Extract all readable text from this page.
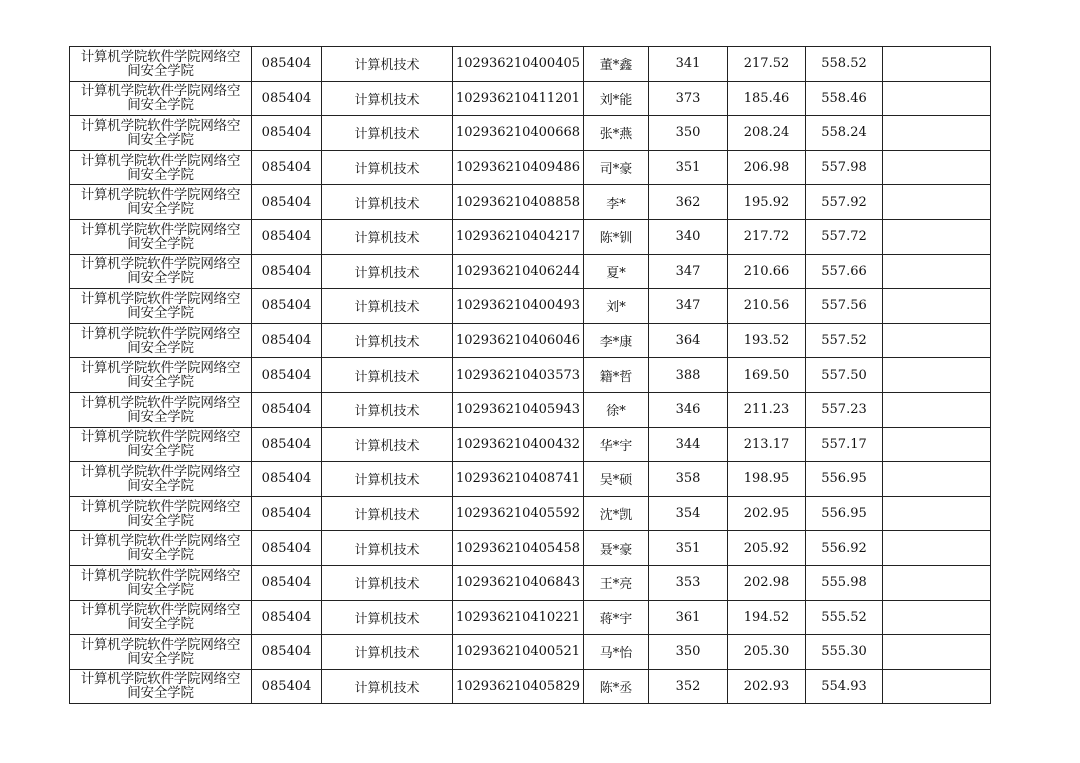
计算机学院软件学院网络空
间安全学院	085404	计算机技术	102936210400405	董*鑫	341	217.52	558.52	

计算机学院软件学院网络空
间安全学院	085404	计算机技术	102936210411201	刘*能	373	185.46	558.46	

计算机学院软件学院网络空
间安全学院	085404	计算机技术	102936210400668	张*燕	350	208.24	558.24	

计算机学院软件学院网络空
间安全学院	085404	计算机技术	102936210409486	司*豪	351	206.98	557.98	

计算机学院软件学院网络空
间安全学院	085404	计算机技术	102936210408858	李*	362	195.92	557.92	

计算机学院软件学院网络空
间安全学院	085404	计算机技术	102936210404217	陈*钏	340	217.72	557.72	

计算机学院软件学院网络空
间安全学院	085404	计算机技术	102936210406244	夏*	347	210.66	557.66	

计算机学院软件学院网络空
间安全学院	085404	计算机技术	102936210400493	刘*	347	210.56	557.56	

计算机学院软件学院网络空
间安全学院	085404	计算机技术	102936210406046	李*康	364	193.52	557.52	

计算机学院软件学院网络空
间安全学院	085404	计算机技术	102936210403573	籍*哲	388	169.50	557.50	

计算机学院软件学院网络空
间安全学院	085404	计算机技术	102936210405943	徐*	346	211.23	557.23	

计算机学院软件学院网络空
间安全学院	085404	计算机技术	102936210400432	华*宇	344	213.17	557.17	

计算机学院软件学院网络空
间安全学院	085404	计算机技术	102936210408741	吴*硕	358	198.95	556.95	

计算机学院软件学院网络空
间安全学院	085404	计算机技术	102936210405592	沈*凯	354	202.95	556.95	

计算机学院软件学院网络空
间安全学院	085404	计算机技术	102936210405458	聂*豪	351	205.92	556.92	

计算机学院软件学院网络空
间安全学院	085404	计算机技术	102936210406843	王*亮	353	202.98	555.98	

计算机学院软件学院网络空
间安全学院	085404	计算机技术	102936210410221	蒋*宇	361	194.52	555.52	

计算机学院软件学院网络空
间安全学院	085404	计算机技术	102936210400521	马*怡	350	205.30	555.30	

计算机学院软件学院网络空
间安全学院	085404	计算机技术	102936210405829	陈*丞	352	202.93	554.93	
